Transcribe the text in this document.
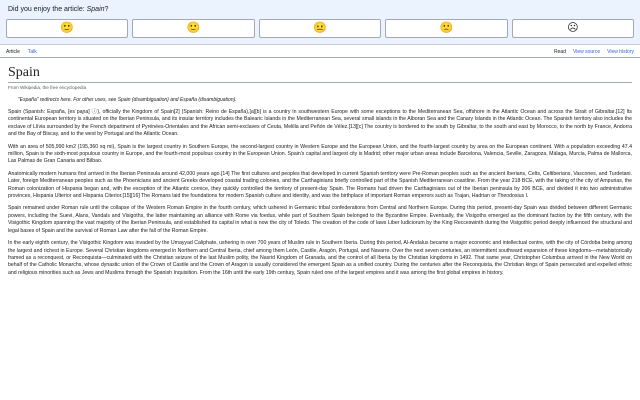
Did you enjoy the article: Spain?
🙂	🙂	😐	🙁	☹
Article Talk	Read View source View history
Spain
From Wikipedia, the free encyclopedia
"España" redirects here. For other uses, see Spain (disambiguation) and España (disambiguation).

Spain (Spanish: España, [esˈpaɲa] ⓘ), officially the Kingdom of Spain[2] (Spanish: Reino de España),[a][b] is a country in southwestern Europe with some exceptions to the Mediterranean Sea, offshore in the Atlantic Ocean and across the Strait of Gibraltar.[12] Its continental European territory is situated on the Iberian Peninsula, and its insular territory includes the Balearic Islands in the Mediterranean Sea, several small islands in the Alboran Sea and the Canary Islands in the Atlantic Ocean. The Spanish territory also includes the exclave of Llívia surrounded by the French department of Pyrénées-Orientales and the African semi-exclaves of Ceuta, Melilla and Peñón de Vélez.[13][c] The country is bordered to the south by Gibraltar, to the south and east by Morocco, to the north by France, Andorra and the Bay of Biscay, and to the west by Portugal and the Atlantic Ocean.

With an area of 505,990 km2 (195,360 sq mi), Spain is the largest country in Southern Europe, the second-largest country in Western Europe and the European Union, and the fourth-largest country by area on the European continent. With a population exceeding 47.4 million, Spain is the sixth-most populous country in Europe, and the fourth-most populous country in the European Union. Spain's capital and largest city is Madrid; other major urban areas include Barcelona, Valencia, Seville, Zaragoza, Málaga, Murcia, Palma de Mallorca, Las Palmas de Gran Canaria and Bilbao.

Anatomically modern humans first arrived in the Iberian Peninsula around 42,000 years ago.[14] The first cultures and peoples that developed in current Spanish territory were Pre-Roman peoples such as the ancient Iberians, Celts, Celtiberians, Vascones, and Turdetani. Later, foreign Mediterranean peoples such as the Phoenicians and ancient Greeks developed coastal trading colonies, and the Carthaginians briefly controlled part of the Spanish Mediterranean coastline. From the year 218 BCE, with the taking of the city of Ampurias, the Roman colonization of Hispania began and, with the exception of the Atlantic cornice, they quickly controlled the territory of present-day Spain. The Romans had driven the Carthaginians out of the Iberian peninsula by 206 BCE, and divided it into two administrative provinces, Hispania Ulterior and Hispania Citerior.[15][16] The Romans laid the foundations for modern Spanish culture and identity, and was the birthplace of important Roman emperors such as Trajan, Hadrian or Theodosius I.

Spain remained under Roman rule until the collapse of the Western Roman Empire in the fourth century, which ushered in Germanic tribal confederations from Central and Northern Europe. During this period, present-day Spain was divided between different Germanic powers, including the Suevi, Alans, Vandals and Visigoths, the latter maintaining an alliance with Rome via foedus, while part of Southern Spain belonged to the Byzantine Empire. Eventually, the Visigoths emerged as the dominant faction by the fifth century, with the Visigothic Kingdom spanning the vast majority of the Iberian Peninsula, and established its capital in what is now the city of Toledo. The creation of the code of laws Liber ludiciorum by the King Recceswinth during the Visigothic period deeply influenced the structural and legal bases of Spain and the survival of Roman Law after the fall of the Roman Empire.

In the early eighth century, the Visigothic Kingdom was invaded by the Umayyad Caliphate, ushering in over 700 years of Muslim rule in Southern Iberia. During this period, Al-Andalus became a major economic and intellectual centre, with the city of Córdoba being among the largest and richest in Europe. Several Christian kingdoms emerged in Northern and Central Iberia, chief among them León, Castile, Aragón, Portugal, and Navarre. Over the next seven centuries, an intermittent southward expansion of these kingdoms—metahistorically framed as a reconquest, or Reconquista—culminated with the Christian seizure of the last Muslim polity, the Nasrid Kingdom of Granada, and the control of all Iberia by the Christian kingdoms in 1492. That same year, Christopher Columbus arrived in the New World on behalf of the Catholic Monarchs, whose dynastic union of the Crown of Castile and the Crown of Aragon is usually considered the emergent Spain as a unified country. During the centuries after the Reconquista, the Christian kings of Spain persecuted and expelled ethnic and religious minorities such as Jews and Muslims through the Spanish Inquisition. From the 16th until the early 19th century, Spain ruled one of the largest empires and it was among the first global empires in history.
